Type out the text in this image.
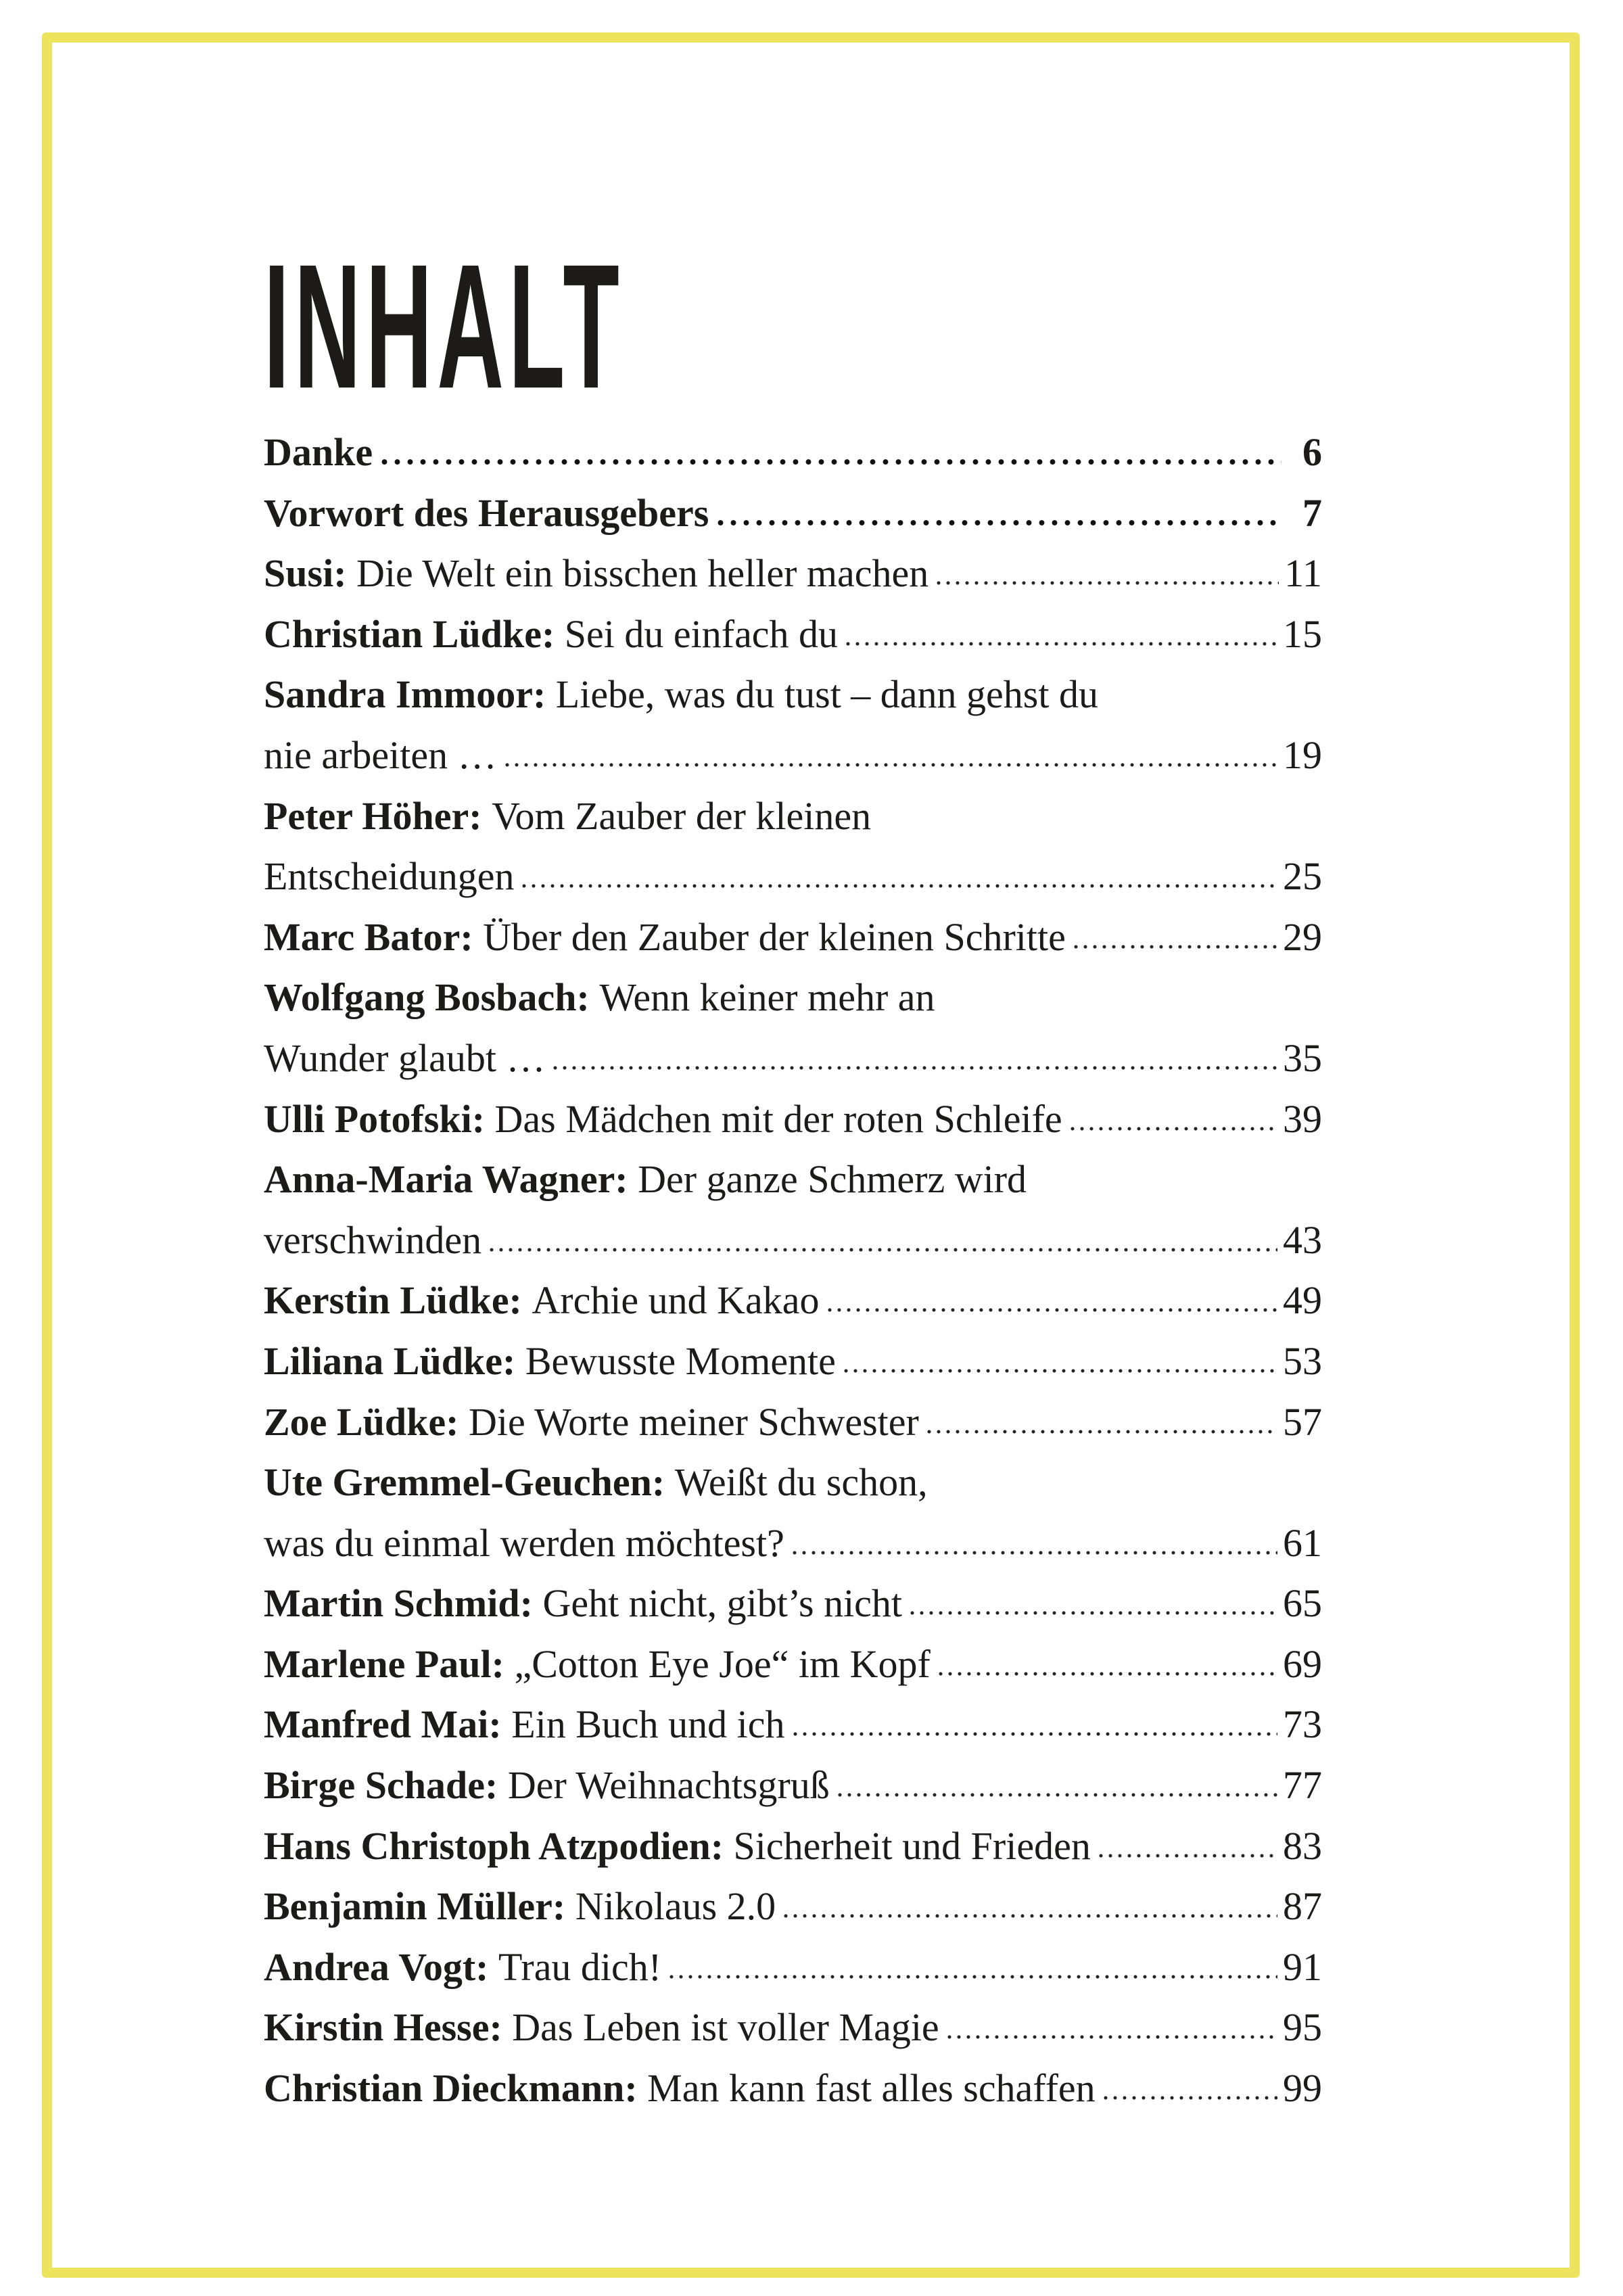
INHALT
Danke	6
Vorwort des Herausgebers	7
Susi:
Die Welt ein bisschen heller machen	11
Christian Lüdke:
Sei du einfach du	15
Sandra Immoor:
Liebe, was du tust – dann gehst du
nie arbeiten …	19
Peter Höher:
Vom Zauber der kleinen
Entscheidungen	25
Marc Bator:
Über den Zauber der kleinen Schritte	29
Wolfgang Bosbach:
Wenn keiner mehr an
Wunder glaubt …	35
Ulli Potofski:
Das Mädchen mit der roten Schleife	39
Anna-Maria Wagner:
Der ganze Schmerz wird
verschwinden	43
Kerstin Lüdke:
Archie und Kakao	49
Liliana Lüdke:
Bewusste Momente	53
Zoe Lüdke:
Die Worte meiner Schwester	57
Ute Gremmel-Geuchen:
Weißt du schon,
was du einmal werden möchtest?	61
Martin Schmid:
Geht nicht, gibt’s nicht	65
Marlene Paul:
„Cotton Eye Joe“ im Kopf	69
Manfred Mai:
Ein Buch und ich	73
Birge Schade:
Der Weihnachtsgruß	77
Hans Christoph Atzpodien:
Sicherheit und Frieden	83
Benjamin Müller:
Nikolaus 2.0	87
Andrea Vogt:
Trau dich!	91
Kirstin Hesse:
Das Leben ist voller Magie	95
Christian Dieckmann:
Man kann fast alles schaffen	99
